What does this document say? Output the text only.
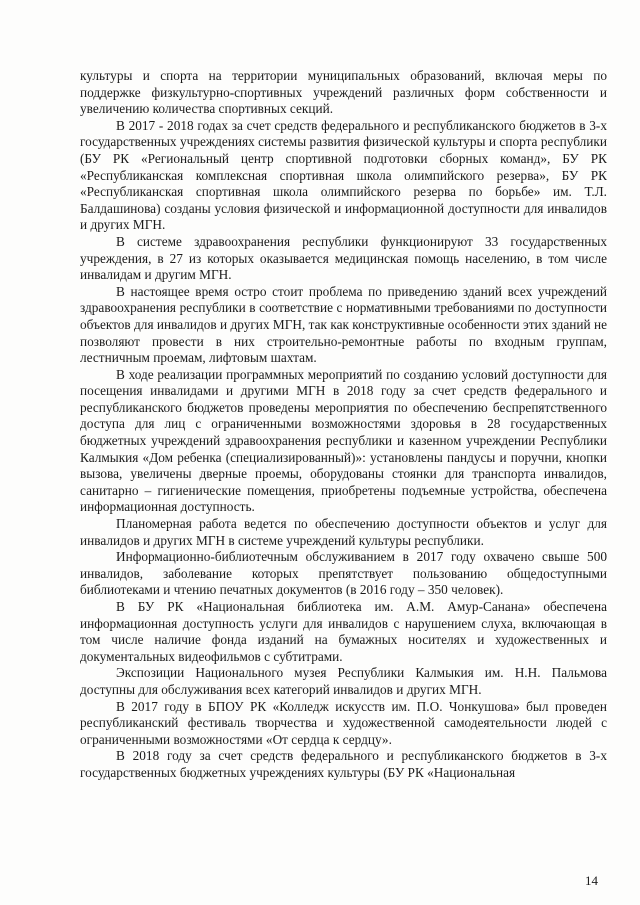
культуры и спорта на территории муниципальных образований, включая меры по поддержке физкультурно-спортивных учреждений различных форм собственности и увеличению количества спортивных секций.

В 2017 - 2018 годах за счет средств федерального и республиканского бюджетов в 3-х государственных учреждениях системы развития физической культуры и спорта республики (БУ РК «Региональный центр спортивной подготовки сборных команд», БУ РК «Республиканская комплексная спортивная школа олимпийского резерва», БУ РК «Республиканская спортивная школа олимпийского резерва по борьбе» им. Т.Л. Балдашинова) созданы условия физической и информационной доступности для инвалидов и других МГН.

В системе здравоохранения республики функционируют 33 государственных учреждения, в 27 из которых оказывается медицинская помощь населению, в том числе инвалидам и другим МГН.

В настоящее время остро стоит проблема по приведению зданий всех учреждений здравоохранения республики в соответствие с нормативными требованиями по доступности объектов для инвалидов и других МГН, так как конструктивные особенности этих зданий не позволяют провести в них строительно-ремонтные работы по входным группам, лестничным проемам, лифтовым шахтам.

В ходе реализации программных мероприятий по созданию условий доступности для посещения инвалидами и другими МГН в 2018 году за счет средств федерального и республиканского бюджетов проведены мероприятия по обеспечению беспрепятственного доступа для лиц с ограниченными возможностями здоровья в 28 государственных бюджетных учреждений здравоохранения республики и казенном учреждении Республики Калмыкия «Дом ребенка (специализированный)»: установлены пандусы и поручни, кнопки вызова, увеличены дверные проемы, оборудованы стоянки для транспорта инвалидов, санитарно – гигиенические помещения, приобретены подъемные устройства, обеспечена информационная доступность.

Планомерная работа ведется по обеспечению доступности объектов и услуг для инвалидов и других МГН в системе учреждений культуры республики.

Информационно-библиотечным обслуживанием в 2017 году охвачено свыше 500 инвалидов, заболевание которых препятствует пользованию общедоступными библиотеками и чтению печатных документов (в 2016 году – 350 человек).

В БУ РК «Национальная библиотека им. А.М. Амур-Санана» обеспечена информационная доступность услуги для инвалидов с нарушением слуха, включающая в том числе наличие фонда изданий на бумажных носителях и художественных и документальных видеофильмов с субтитрами.

Экспозиции Национального музея Республики Калмыкия им. Н.Н. Пальмова доступны для обслуживания всех категорий инвалидов и других МГН.

В 2017 году в БПОУ РК «Колледж искусств им. П.О. Чонкушова» был проведен республиканский фестиваль творчества и художественной самодеятельности людей с ограниченными возможностями «От сердца к сердцу».

В 2018 году за счет средств федерального и республиканского бюджетов в 3-х государственных бюджетных учреждениях культуры (БУ РК «Национальная

14
